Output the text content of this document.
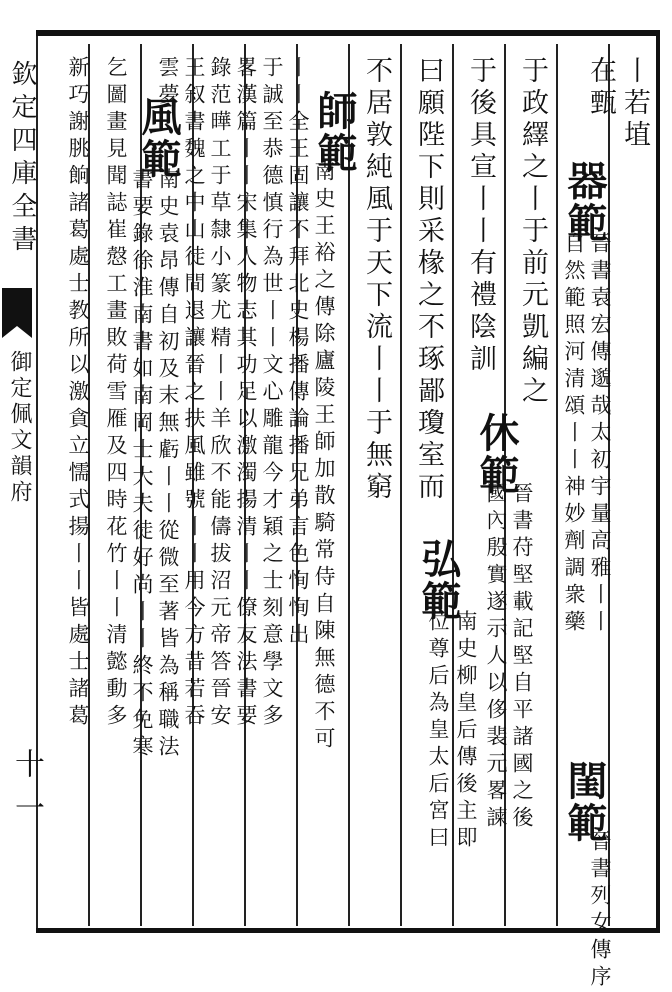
欽定四庫全書
御定佩文韻府
十一
丨若埴
在甄
器範
晉書袁宏傳邈哉太初宇量高雅丨丨
自然範照河清頌丨丨神妙劑調衆藥
閨範
晉書列女傳序
于政繹之丨于前元凱編之
于後具宣丨丨有禮陰訓
休範
晉書苻堅載記堅自平諸國之後
國內殷實遂示人以侈裴元畧諫
曰願陛下則采椽之不琢鄙瓊室而
不居敦純風于天下流丨丨于無窮
弘範
南史柳皇后傳後主即
位尊后為皇太后宮曰
師範
南史王裕之傳除廬陵王師加散騎常侍自陳無德不可
丨丨全王固讓不拜北史楊播傳論播兄弟言色恂恂出
于誠至恭德慎行為世丨丨文心雕龍今才穎之士刻意學文多
畧漢篇丨丨宋集人物志其功足以激濁揚清丨丨僚友法書要
錄范曄工于草隸小篆尤精丨丨羊欣不能儔拔沼元帝答晉安
王叙書魏之中山徒間退讓晉之扶風雖號丨丨用今方昔若吞
雲夢
風範
南史袁昂傳自初及末無虧丨丨從微至著皆為稱職法
書要錄徐淮南書如南岡士大夫徒好尚丨丨終不免寒
乞圖畫見聞誌崔慤工畫敗荷雪雁及四時花竹丨丨清懿動多
新巧謝朓餉諸葛處士教所以激貪立懦式揚丨丨皆處士諸葛
